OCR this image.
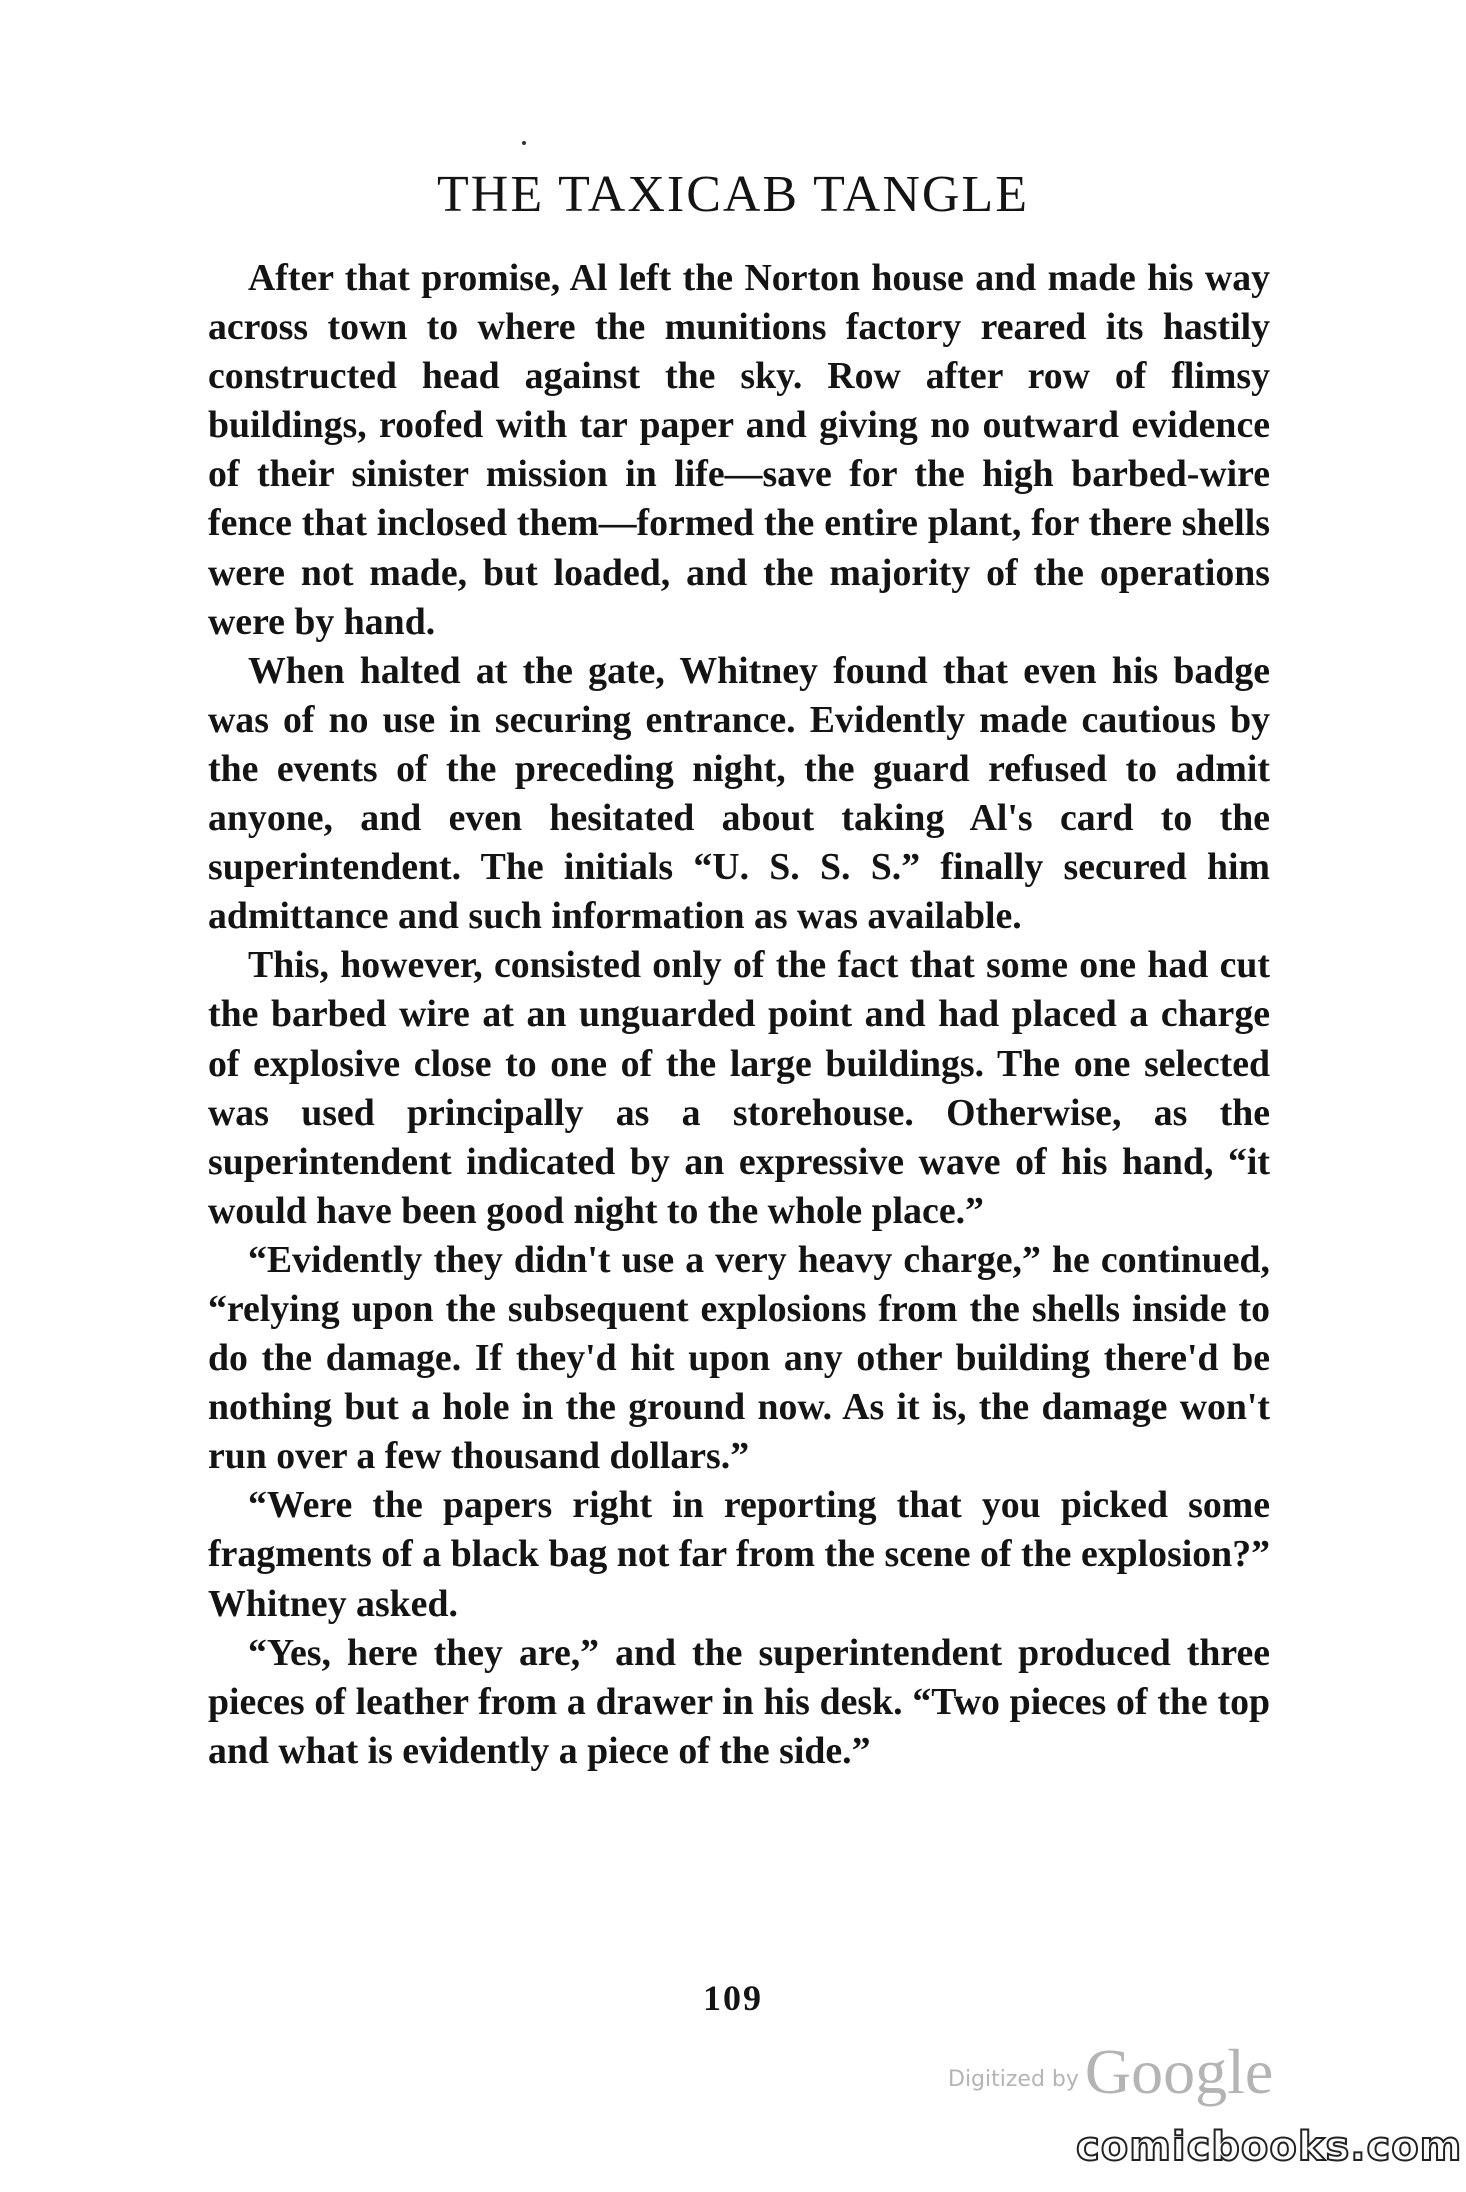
THE TAXICAB TANGLE

After that promise, Al left the Norton house and made his way across town to where the munitions factory reared its hastily constructed head against the sky. Row after row of flimsy buildings, roofed with tar paper and giving no outward evidence of their sinister mission in life—save for the high barbed-wire fence that inclosed them—formed the entire plant, for there shells were not made, but loaded, and the majority of the operations were by hand.

When halted at the gate, Whitney found that even his badge was of no use in securing entrance. Evidently made cautious by the events of the preceding night, the guard refused to admit anyone, and even hesitated about taking Al's card to the superintendent. The initials “U. S. S. S.” finally secured him admittance and such information as was available.

This, however, consisted only of the fact that some one had cut the barbed wire at an unguarded point and had placed a charge of explosive close to one of the large buildings. The one selected was used principally as a storehouse. Otherwise, as the superintendent indicated by an expressive wave of his hand, “it would have been good night to the whole place.”

“Evidently they didn't use a very heavy charge,” he continued, “relying upon the subsequent explosions from the shells inside to do the damage. If they'd hit upon any other building there'd be nothing but a hole in the ground now. As it is, the damage won't run over a few thousand dollars.”

“Were the papers right in reporting that you picked some fragments of a black bag not far from the scene of the explosion?” Whitney asked.

“Yes, here they are,” and the superintendent produced three pieces of leather from a drawer in his desk. “Two pieces of the top and what is evidently a piece of the side.”

109
Digitized by Google
comicbooks.com
